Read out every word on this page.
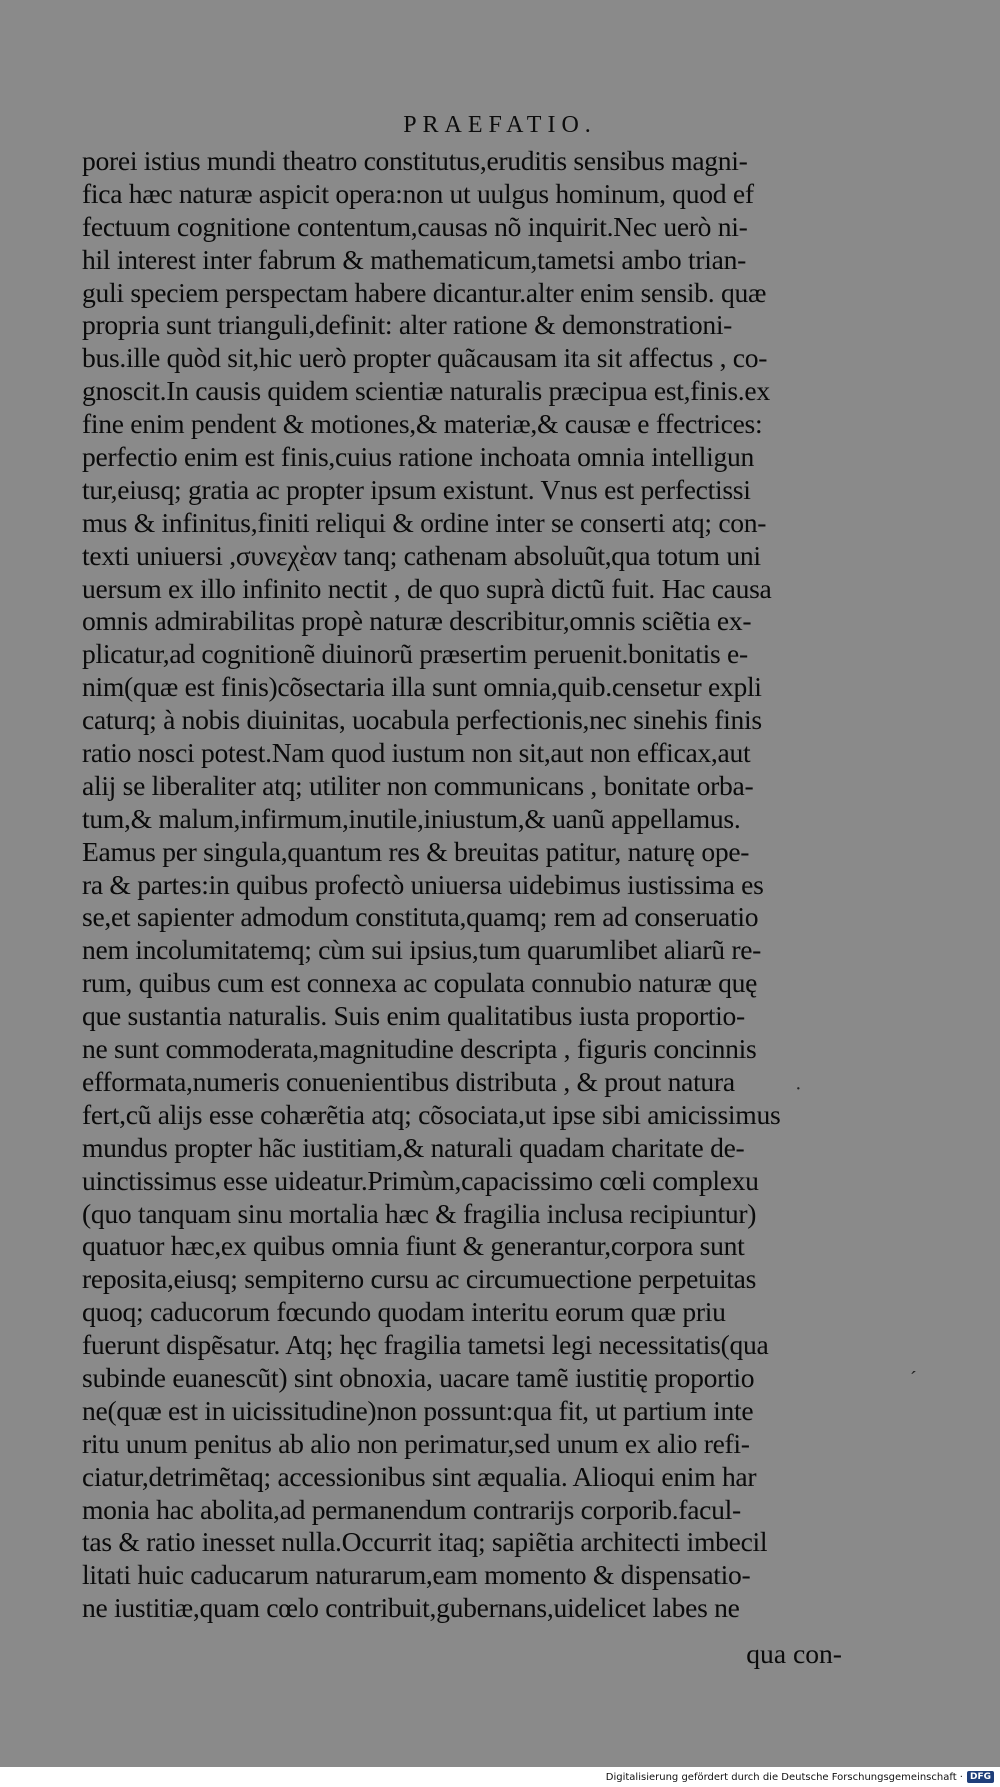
PRAEFATIO.
porei istius mundi theatro constitutus,eruditis sensibus magni-
fica hæc naturæ aspicit opera:non ut uulgus hominum, quod ef
fectuum cognitione contentum,causas nõ inquirit.Nec uerò ni-
hil interest inter fabrum & mathematicum,tametsi ambo trian-
guli speciem perspectam habere dicantur.alter enim sensib. quæ
propria sunt trianguli,definit: alter ratione & demonstrationi-
bus.ille quòd sit,hic uerò propter quãcausam ita sit affectus , co-
gnoscit.In causis quidem scientiæ naturalis præcipua est,finis.ex
fine enim pendent & motiones,& materiæ,& causæ e ffectrices:
perfectio enim est finis,cuius ratione inchoata omnia intelligun
tur,eiusq; gratia ac propter ipsum existunt. Vnus est perfectissi
mus & infinitus,finiti reliqui & ordine inter se conserti atq; con-
texti uniuersi ,συνεχὲαν tanq; cathenam absoluũt,qua totum uni
uersum ex illo infinito nectit , de quo suprà dictũ fuit. Hac causa
omnis admirabilitas propè naturæ describitur,omnis sciẽtia ex-
plicatur,ad cognitionẽ diuinorũ præsertim peruenit.bonitatis e-
nim(quæ est finis)cõsectaria illa sunt omnia,quib.censetur expli
caturq; à nobis diuinitas, uocabula perfectionis,nec sinehis finis
ratio nosci potest.Nam quod iustum non sit,aut non efficax,aut
alij se liberaliter atq; utiliter non communicans , bonitate orba-
tum,& malum,infirmum,inutile,iniustum,& uanũ appellamus.
Eamus per singula,quantum res & breuitas patitur, naturę ope-
ra & partes:in quibus profectò uniuersa uidebimus iustissima es
se,et sapienter admodum constituta,quamq; rem ad conseruatio
nem incolumitatemq; cùm sui ipsius,tum quarumlibet aliarũ re-
rum, quibus cum est connexa ac copulata connubio naturæ quę
que sustantia naturalis. Suis enim qualitatibus iusta proportio-
ne sunt commoderata,magnitudine descripta , figuris concinnis
efformata,numeris conuenientibus distributa , & prout natura
fert,cũ alijs esse cohærẽtia atq; cõsociata,ut ipse sibi amicissimus
mundus propter hãc iustitiam,& naturali quadam charitate de-
uinctissimus esse uideatur.Primùm,capacissimo cœli complexu
(quo tanquam sinu mortalia hæc & fragilia inclusa recipiuntur)
quatuor hæc,ex quibus omnia fiunt & generantur,corpora sunt
reposita,eiusq; sempiterno cursu ac circumuectione perpetuitas
quoq; caducorum fœcundo quodam interitu eorum quæ priu
fuerunt dispẽsatur. Atq; hęc fragilia tametsi legi necessitatis(qua
subinde euanescũt) sint obnoxia, uacare tamẽ iustitię proportio
ne(quæ est in uicissitudine)non possunt:qua fit, ut partium inte
ritu unum penitus ab alio non perimatur,sed unum ex alio refi-
ciatur,detrimẽtaq; accessionibus sint æqualia. Alioqui enim har
monia hac abolita,ad permanendum contrarijs corporib.facul-
tas & ratio inesset nulla.Occurrit itaq; sapiẽtia architecti imbecil
litati huic caducarum naturarum,eam momento & dispensatio-
ne iustitiæ,quam cœlo contribuit,gubernans,uidelicet labes ne
qua con-
·
ˊ
Digitalisierung gefördert durch die Deutsche Forschungsgemeinschaft · DFG
